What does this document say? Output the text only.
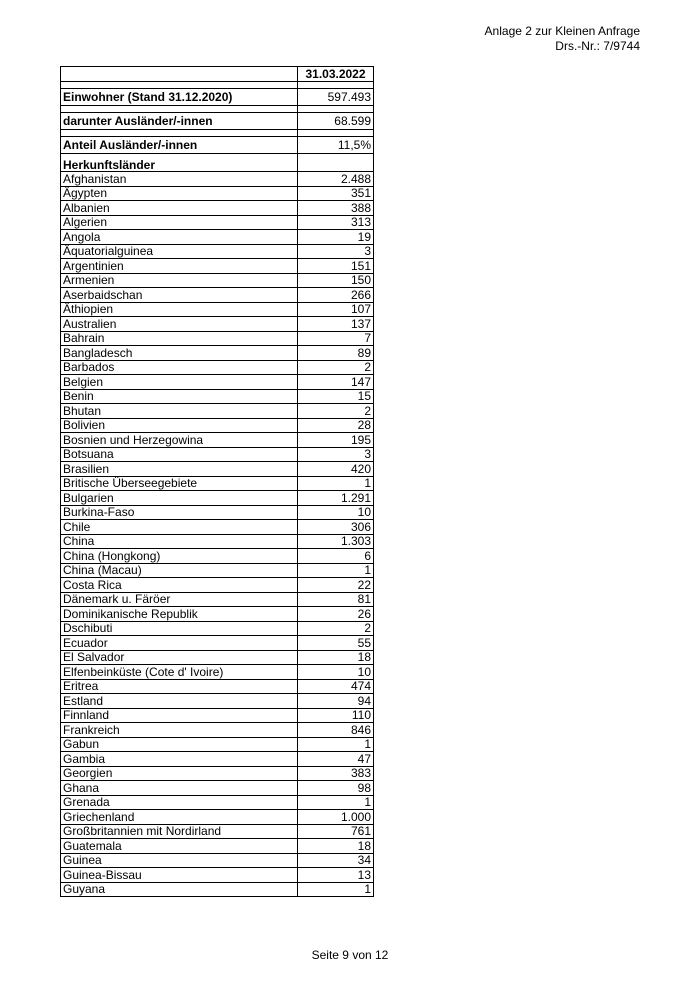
Anlage 2 zur Kleinen Anfrage
Drs.-Nr.: 7/9744
	31.03.2022

Einwohner (Stand 31.12.2020)	597.493

darunter Ausländer/-innen	68.599

Anteil Ausländer/-innen	11,5%
Herkunftsländer	
Afghanistan	2.488
Ägypten	351
Albanien	388
Algerien	313
Angola	19
Äquatorialguinea	3
Argentinien	151
Armenien	150
Aserbaidschan	266
Äthiopien	107
Australien	137
Bahrain	7
Bangladesch	89
Barbados	2
Belgien	147
Benin	15
Bhutan	2
Bolivien	28
Bosnien und Herzegowina	195
Botsuana	3
Brasilien	420
Britische Überseegebiete	1
Bulgarien	1.291
Burkina-Faso	10
Chile	306
China	1.303
China (Hongkong)	6
China (Macau)	1
Costa Rica	22
Dänemark u. Färöer	81
Dominikanische Republik	26
Dschibuti	2
Ecuador	55
El Salvador	18
Elfenbeinküste (Cote d' Ivoire)	10
Eritrea	474
Estland	94
Finnland	110
Frankreich	846
Gabun	1
Gambia	47
Georgien	383
Ghana	98
Grenada	1
Griechenland	1.000
Großbritannien mit Nordirland	761
Guatemala	18
Guinea	34
Guinea-Bissau	13
Guyana	1
Seite 9 von 12
